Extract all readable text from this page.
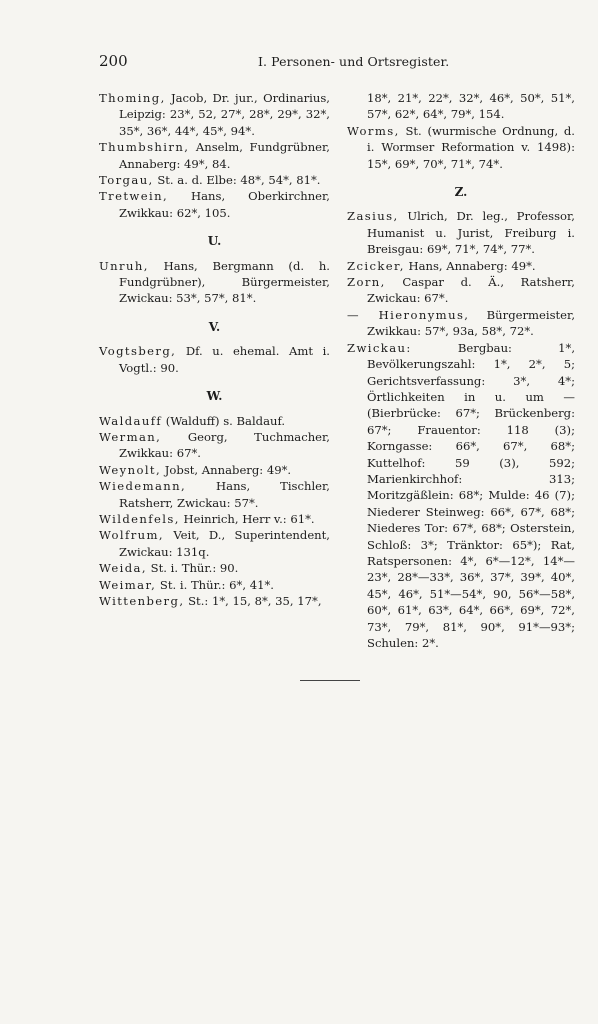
200	I. Personen- und Ortsregister.
Thoming, Jacob, Dr. jur., Ordinarius, Leipzig: 23*, 52, 27*, 28*, 29*, 32*, 35*, 36*, 44*, 45*, 94*.
Thumbshirn, Anselm, Fundgrübner, Annaberg: 49*, 84.
Torgau, St. a. d. Elbe: 48*, 54*, 81*.
Tretwein, Hans, Oberkirchner, Zwikkau: 62*, 105.
U.
Unruh, Hans, Bergmann (d. h. Fundgrübner), Bürgermeister, Zwickau: 53*, 57*, 81*.
V.
Vogtsberg, Df. u. ehemal. Amt i. Vogtl.: 90.
W.
Waldauff (Walduff) s. Baldauf.
Werman, Georg, Tuchmacher, Zwikkau: 67*.
Weynolt, Jobst, Annaberg: 49*.
Wiedemann, Hans, Tischler, Ratsherr, Zwickau: 57*.
Wildenfels, Heinrich, Herr v.: 61*.
Wolfrum, Veit, D., Superintendent, Zwickau: 131q.
Weida, St. i. Thür.: 90.
Weimar, St. i. Thür.: 6*, 41*.
Wittenberg, St.: 1*, 15, 8*, 35, 17*,
18*, 21*, 22*, 32*, 46*, 50*, 51*, 57*, 62*, 64*, 79*, 154.
Worms, St. (wurmische Ordnung, d. i. Wormser Reformation v. 1498): 15*, 69*, 70*, 71*, 74*.
Z.
Zasius, Ulrich, Dr. leg., Professor, Humanist u. Jurist, Freiburg i. Breisgau: 69*, 71*, 74*, 77*.
Zcicker, Hans, Annaberg: 49*.
Zorn, Caspar d. Ä., Ratsherr, Zwickau: 67*.
— Hieronymus, Bürgermeister, Zwikkau: 57*, 93a, 58*, 72*.
Zwickau: Bergbau: 1*, Bevölkerungszahl: 1*, 2*, 5; Gerichtsverfassung: 3*, 4*; Örtlichkeiten in u. um — (Bierbrücke: 67*; Brückenberg: 67*; Frauentor: 118 (3); Korngasse: 66*, 67*, 68*; Kuttelhof: 59 (3), 592; Marienkirchhof: 313; Moritzgäßlein: 68*; Mulde: 46 (7); Niederer Steinweg: 66*, 67*, 68*; Niederes Tor: 67*, 68*; Osterstein, Schloß: 3*; Tränktor: 65*); Rat, Ratspersonen: 4*, 6*—12*, 14*—23*, 28*—33*, 36*, 37*, 39*, 40*, 45*, 46*, 51*—54*, 90, 56*—58*, 60*, 61*, 63*, 64*, 66*, 69*, 72*, 73*, 79*, 81*, 90*, 91*—93*; Schulen: 2*.
